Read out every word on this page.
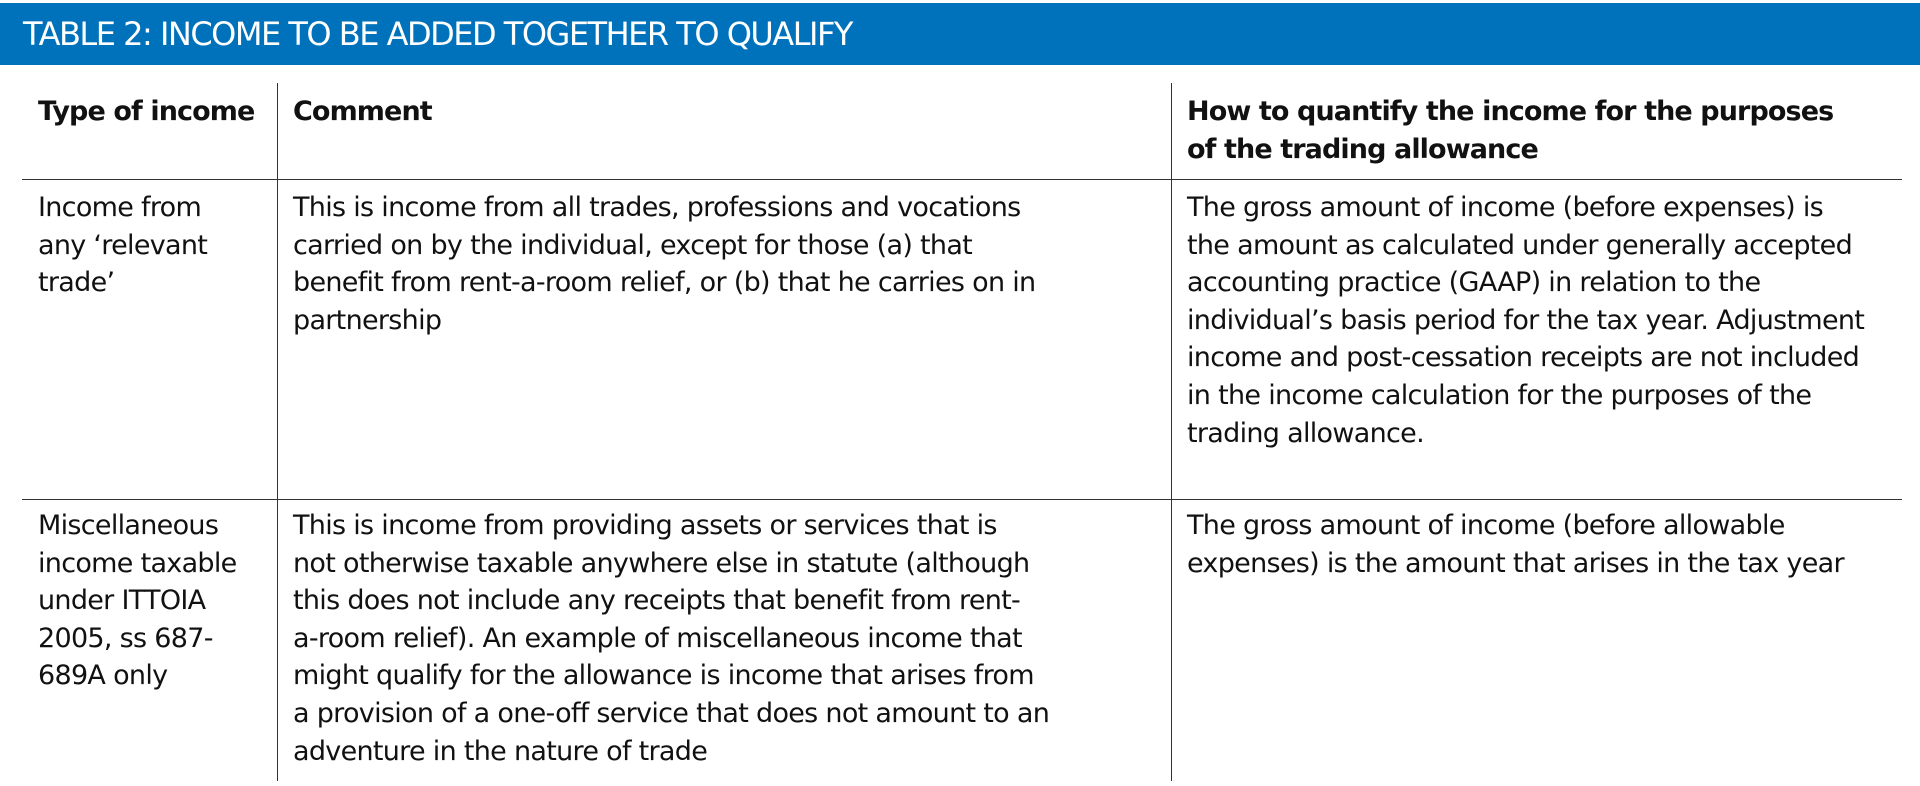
TABLE 2: INCOME TO BE ADDED TOGETHER TO QUALIFY
Type of income Comment	How to quantify the income for the purposes
of the trading allowance
Income from
any ‘relevant
trade’
This is income from all trades, professions and vocations
carried on by the individual, except for those (a) that
benefit from rent-a-room relief, or (b) that he carries on in
partnership
The gross amount of income (before expenses) is
the amount as calculated under generally accepted
accounting practice (GAAP) in relation to the
individual’s basis period for the tax year. Adjustment
income and post-cessation receipts are not included
in the income calculation for the purposes of the
trading allowance.
Miscellaneous
income taxable
under ITTOIA
2005, ss 687-
689A only
This is income from providing assets or services that is
not otherwise taxable anywhere else in statute (although
this does not include any receipts that benefit from rent-
a-room relief). An example of miscellaneous income that
might qualify for the allowance is income that arises from
a provision of a one-off service that does not amount to an
adventure in the nature of trade
The gross amount of income (before allowable
expenses) is the amount that arises in the tax year
